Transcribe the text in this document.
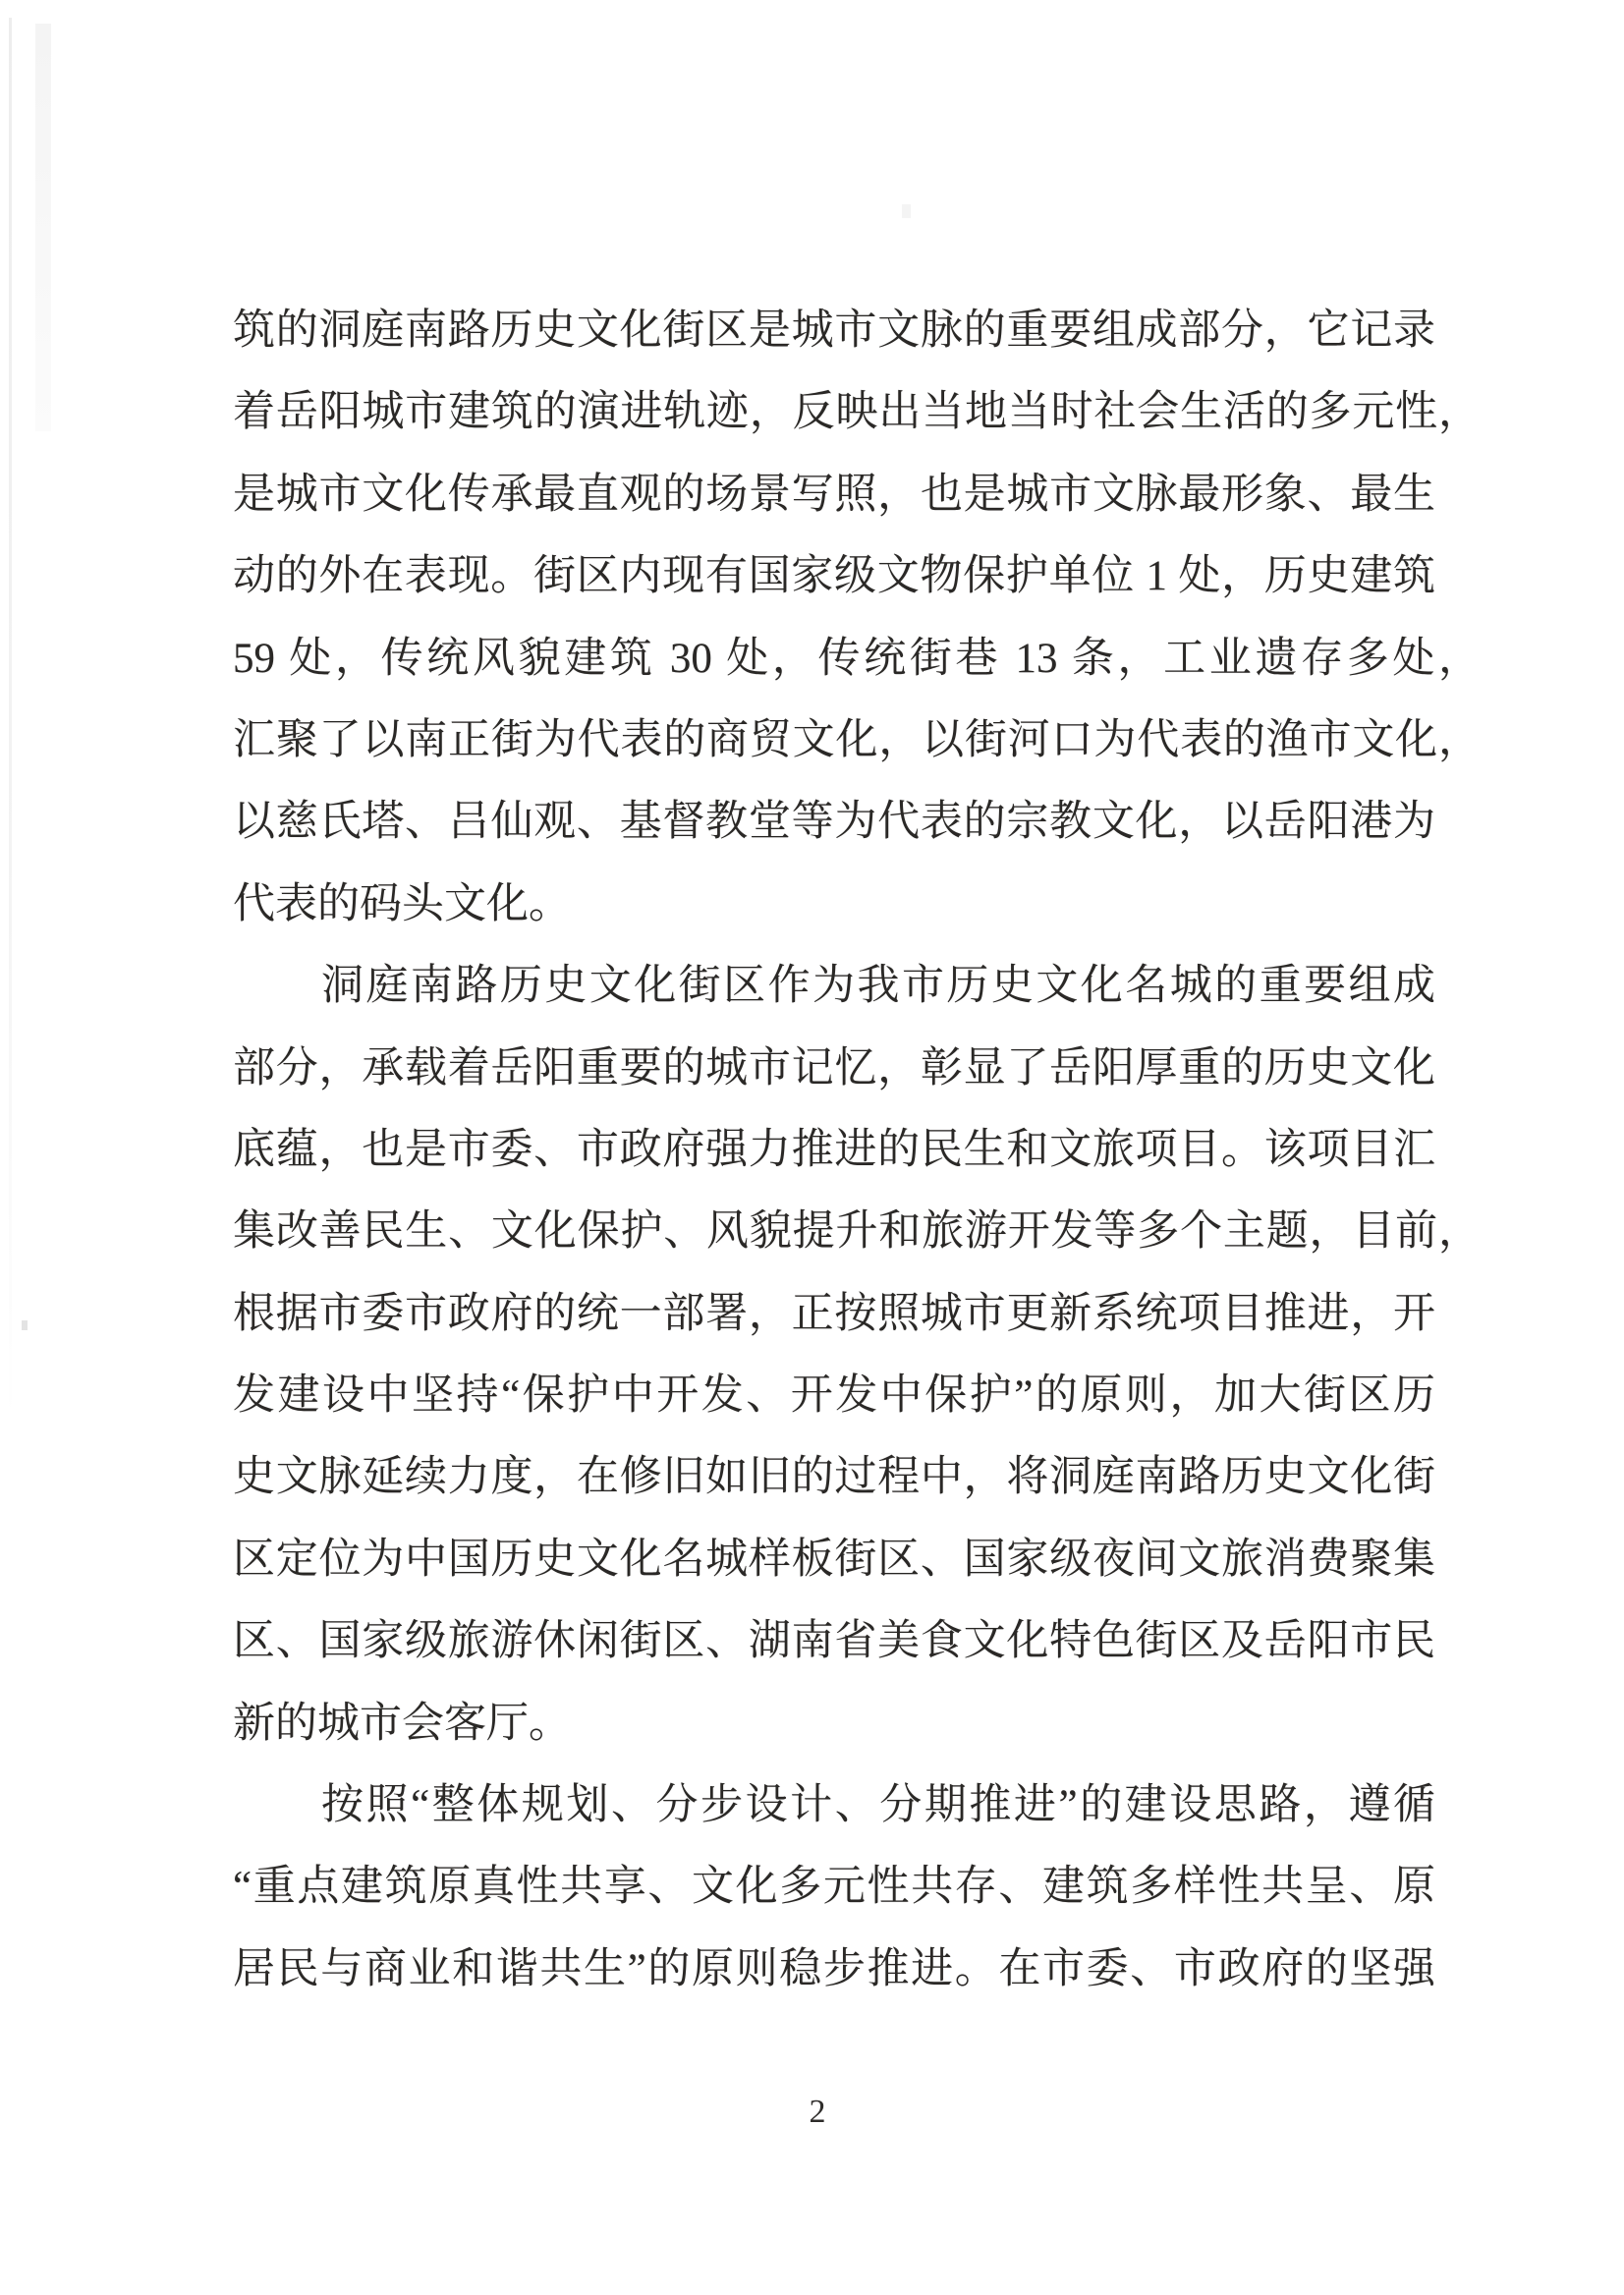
筑的洞庭南路历史文化街区是城市文脉的重要组成部分，它记录
着岳阳城市建筑的演进轨迹，反映出当地当时社会生活的多元性，
是城市文化传承最直观的场景写照，也是城市文脉最形象、最生
动的外在表现。街区内现有国家级文物保护单位 1 处，历史建筑
59 处，传统风貌建筑 30 处，传统街巷 13 条，工业遗存多处，
汇聚了以南正街为代表的商贸文化，以街河口为代表的渔市文化，
以慈氏塔、吕仙观、基督教堂等为代表的宗教文化，以岳阳港为
代表的码头文化。
洞庭南路历史文化街区作为我市历史文化名城的重要组成
部分，承载着岳阳重要的城市记忆，彰显了岳阳厚重的历史文化
底蕴，也是市委、市政府强力推进的民生和文旅项目。该项目汇
集改善民生、文化保护、风貌提升和旅游开发等多个主题，目前，
根据市委市政府的统一部署，正按照城市更新系统项目推进，开
发建设中坚持“保护中开发、开发中保护”的原则，加大街区历
史文脉延续力度，在修旧如旧的过程中，将洞庭南路历史文化街
区定位为中国历史文化名城样板街区、国家级夜间文旅消费聚集
区、国家级旅游休闲街区、湖南省美食文化特色街区及岳阳市民
新的城市会客厅。
按照“整体规划、分步设计、分期推进”的建设思路，遵循
“重点建筑原真性共享、文化多元性共存、建筑多样性共呈、原
居民与商业和谐共生”的原则稳步推进。在市委、市政府的坚强
2
